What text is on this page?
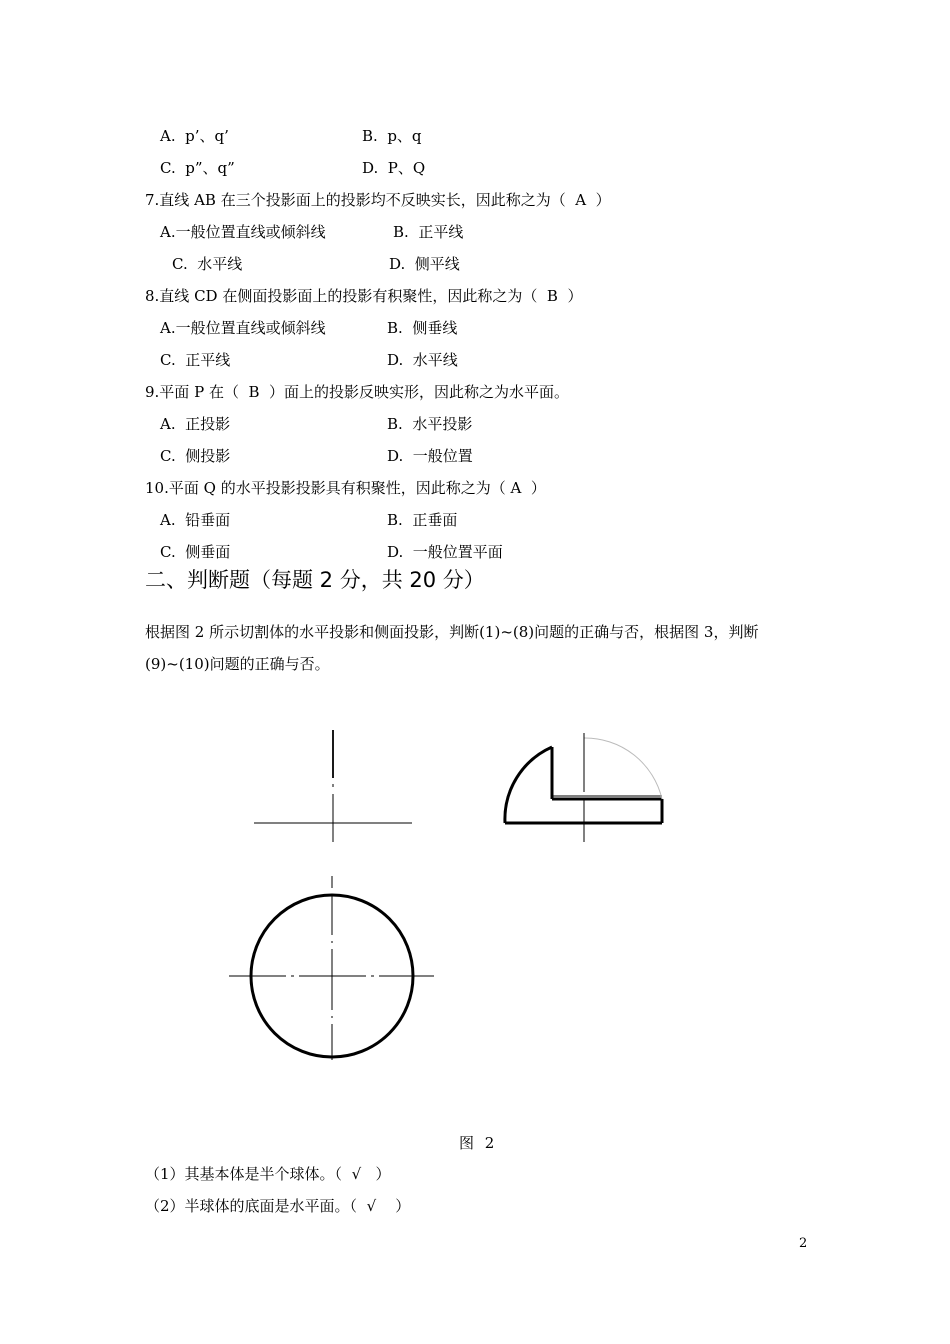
A.  p’、q’	B.  p、q
C.  p”、q”	D.  P、Q
7.直线 AB 在三个投影面上的投影均不反映实长，因此称之为（  A  ）
A.一般位置直线或倾斜线	B.  正平线
C.  水平线	D.  侧平线
8.直线 CD 在侧面投影面上的投影有积聚性，因此称之为（  B  ）
A.一般位置直线或倾斜线	B.  侧垂线
C.  正平线	D.  水平线
9.平面 P 在（  B  ）面上的投影反映实形，因此称之为水平面。
A.  正投影	B.  水平投影
C.  侧投影	D.  一般位置
10.平面 Q 的水平投影投影具有积聚性，因此称之为（ A  ）
A.  铅垂面	B.  正垂面
C.  侧垂面	D.  一般位置平面
二、判断题（每题 2 分，共 20 分）
根据图 2 所示切割体的水平投影和侧面投影，判断(1)~(8)问题的正确与否，根据图 3，判断
(9)~(10)问题的正确与否。
图 2
（1）其基本体是半个球体。（  √   ）
（2）半球体的底面是水平面。（  √    ）
2
